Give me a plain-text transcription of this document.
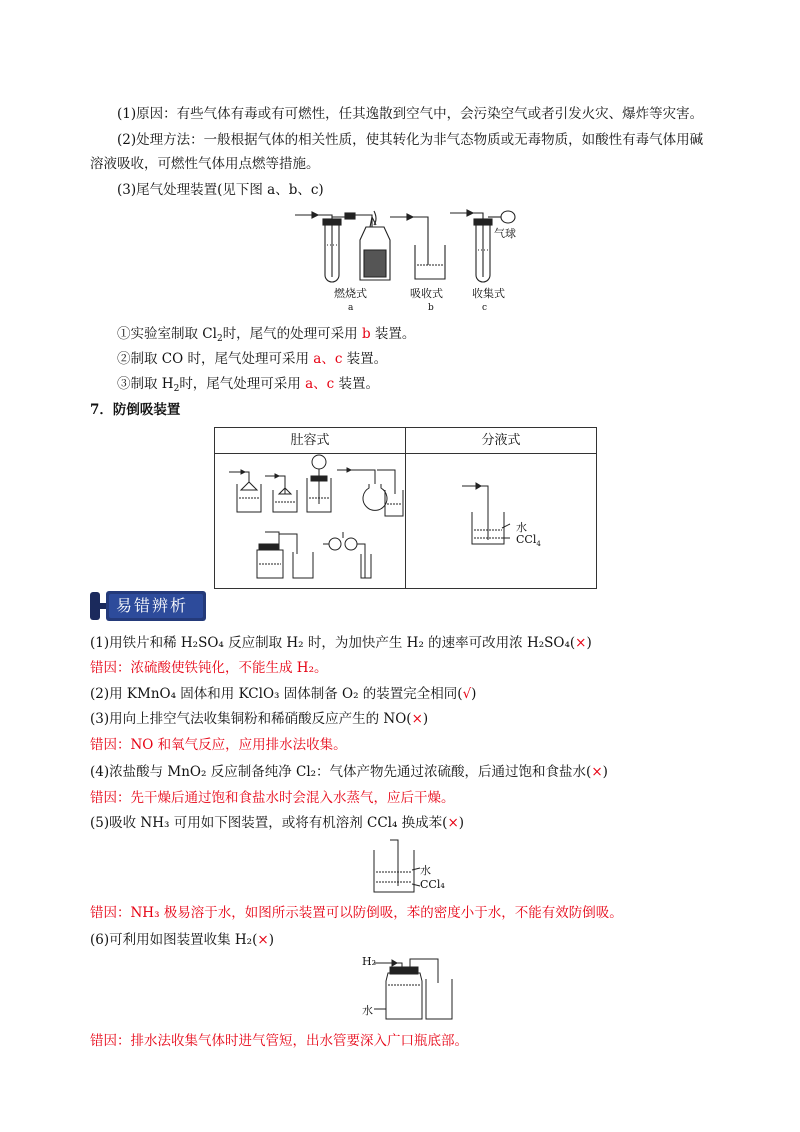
(1)原因：有些气体有毒或有可燃性，任其逸散到空气中，会污染空气或者引发火灾、爆炸等灾害。
(2)处理方法：一般根据气体的相关性质，使其转化为非气态物质或无毒物质，如酸性有毒气体用碱
溶液吸收，可燃性气体用点燃等措施。
(3)尾气处理装置(见下图 a、b、c)
气球
燃烧式	吸收式	收集式
a	b	c
①实验室制取 $Cl_2$时，尾气的处理可采用 b 装置。
②制取 CO 时，尾气处理可采用 a、c 装置。
③制取 $H_2$时，尾气处理可采用 a、c 装置。
7．防倒吸装置
肚容式	分液式

水
CCl$_4$
易错辨析
(1)用铁片和稀 H₂SO₄ 反应制取 H₂ 时，为加快产生 H₂ 的速率可改用浓 H₂SO₄(×)
错因：浓硫酸使铁钝化，不能生成 H₂。
(2)用 KMnO₄ 固体和用 KClO₃ 固体制备 O₂ 的装置完全相同(√)
(3)用向上排空气法收集铜粉和稀硝酸反应产生的 NO(×)
错因：NO 和氧气反应，应用排水法收集。
(4)浓盐酸与 MnO₂ 反应制备纯净 Cl₂：气体产物先通过浓硫酸，后通过饱和食盐水(×)
错因：先干燥后通过饱和食盐水时会混入水蒸气，应后干燥。
(5)吸收 NH₃ 可用如下图装置，或将有机溶剂 CCl₄ 换成苯(×)
水
CCl₄
错因：NH₃ 极易溶于水，如图所示装置可以防倒吸，苯的密度小于水，不能有效防倒吸。
(6)可利用如图装置收集 H₂(×)
H₂
水
错因：排水法收集气体时进气管短，出水管要深入广口瓶底部。
